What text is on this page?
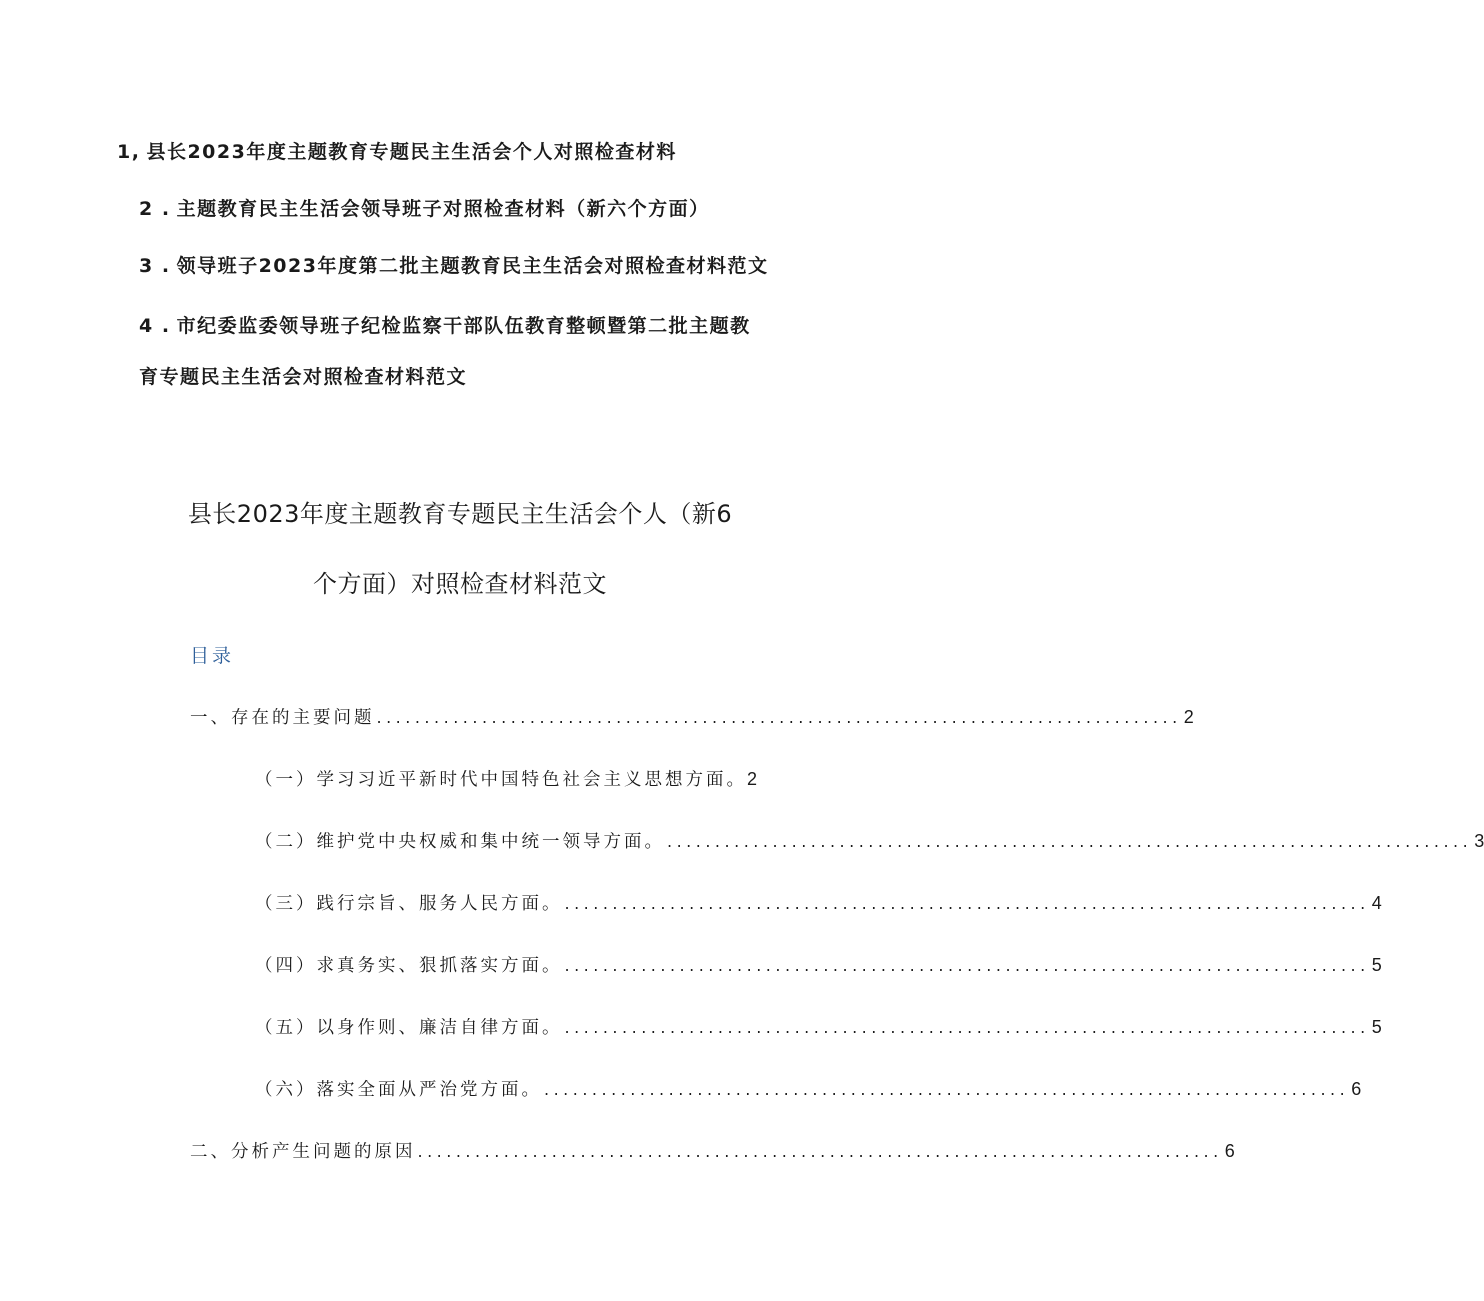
1, 县长2023年度主题教育专题民主生活会个人对照检查材料
2 . 主题教育民主生活会领导班子对照检查材料（新六个方面）
3 . 领导班子2023年度第二批主题教育民主生活会对照检查材料范文
4 . 市纪委监委领导班子纪检监察干部队伍教育整顿暨第二批主题教
育专题民主生活会对照检查材料范文
县长2023年度主题教育专题民主生活会个人（新6
个方面）对照检查材料范文
目录
一、存在的主要问题 .................................................................................... 2
（一）学习习近平新时代中国特色社会主义思想方面。 2
（二）维护党中央权威和集中统一领导方面。 .................................................................................... 3
（三）践行宗旨、服务人民方面。 .................................................................................... 4
（四）求真务实、狠抓落实方面。 .................................................................................... 5
（五）以身作则、廉洁自律方面。 .................................................................................... 5
（六）落实全面从严治党方面。 .................................................................................... 6
二、分析产生问题的原因 .................................................................................... 6
